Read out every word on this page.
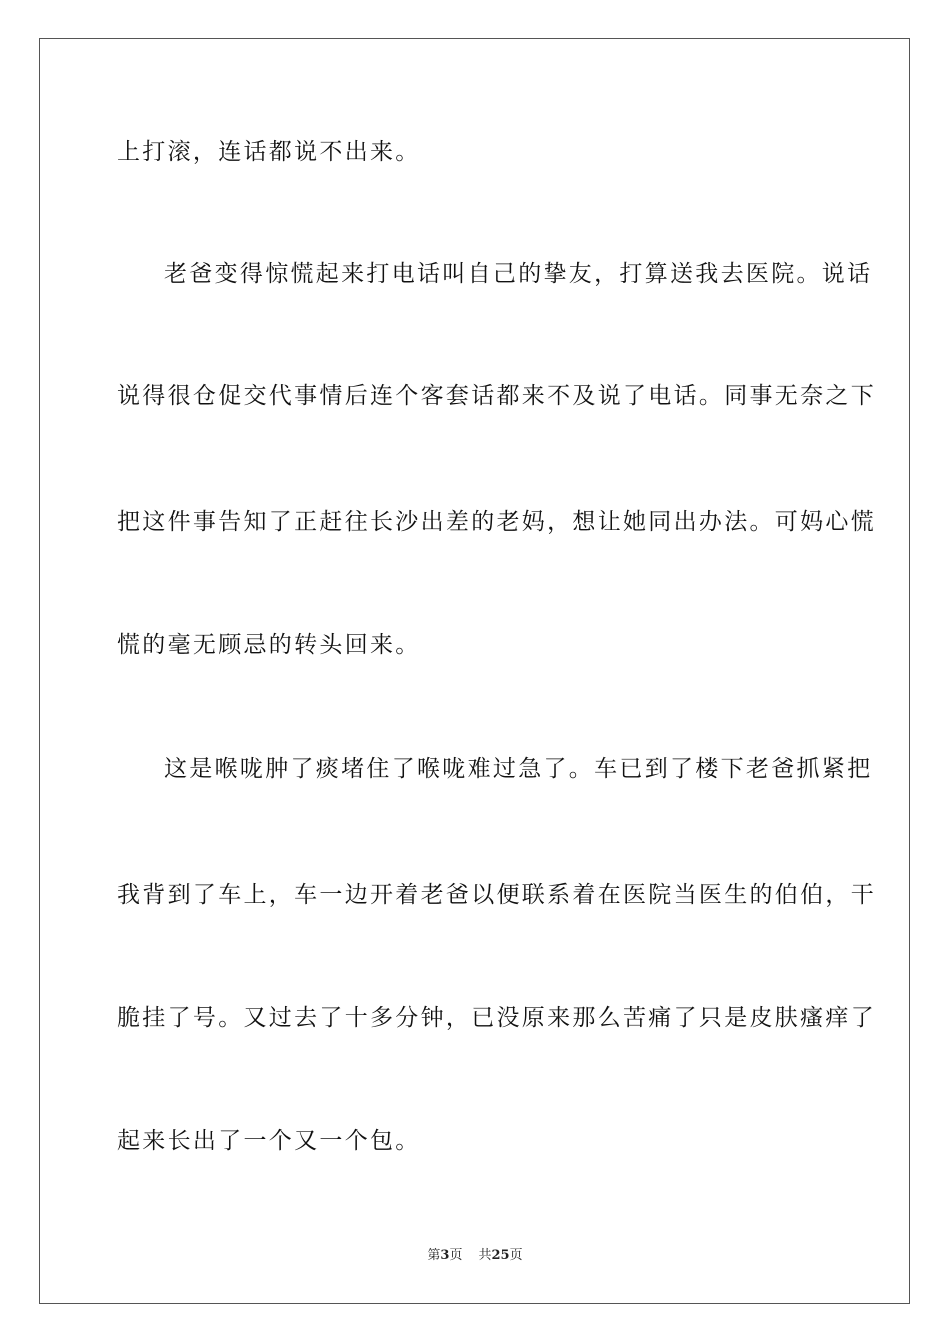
上打滚，连话都说不出来。
老爸变得惊慌起来打电话叫自己的挚友，打算送我去医院。说话
说得很仓促交代事情后连个客套话都来不及说了电话。同事无奈之下
把这件事告知了正赶往长沙出差的老妈，想让她同出办法。可妈心慌
慌的毫无顾忌的转头回来。
这是喉咙肿了痰堵住了喉咙难过急了。车已到了楼下老爸抓紧把
我背到了车上，车一边开着老爸以便联系着在医院当医生的伯伯，干
脆挂了号。又过去了十多分钟，已没原来那么苦痛了只是皮肤瘙痒了
起来长出了一个又一个包。
第3页 共25页
